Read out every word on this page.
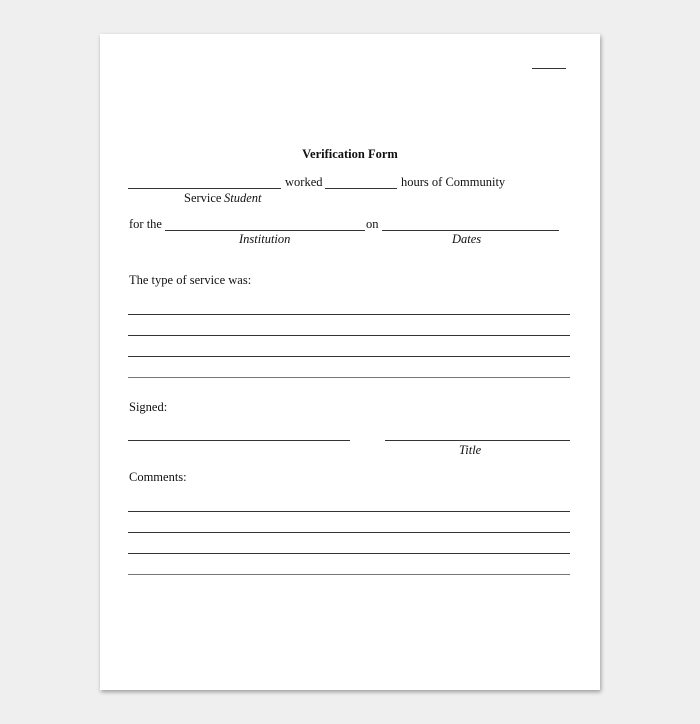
Verification Form
worked	hours of Community
Service Student
for the	on
Institution	Dates
The type of service was:
Signed:
Title
Comments:
